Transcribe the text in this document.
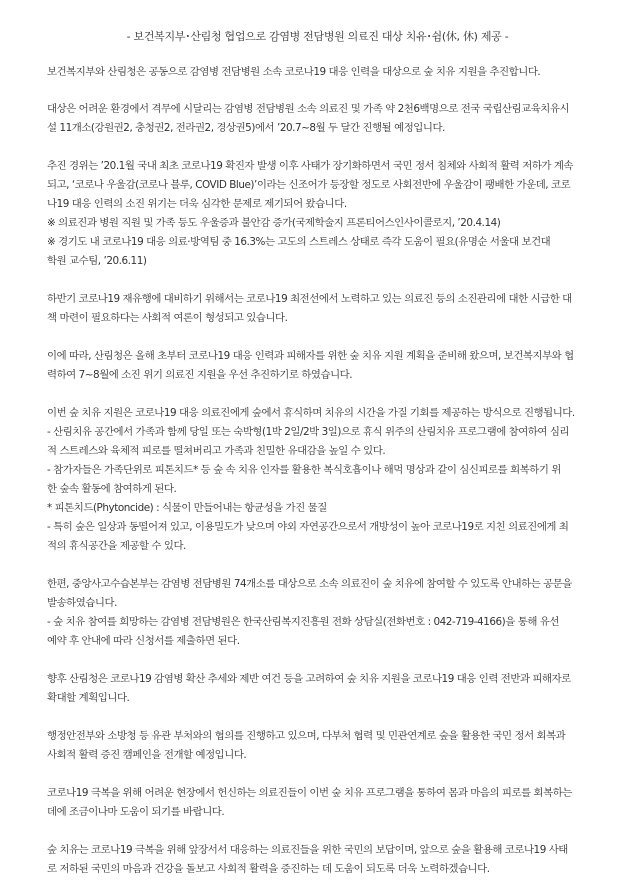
- 보건복지부･산림청 협업으로 감염병 전담병원 의료진 대상 치유･쉼(休, 休) 제공 -
보건복지부와 산림청은 공동으로 감염병 전담병원 소속 코로나19 대응 인력을 대상으로 숲 치유 지원을 추진합니다.
대상은 어려운 환경에서 격무에 시달리는 감염병 전담병원 소속 의료진 및 가족 약 2천6백명으로 전국 국립산림교육치유시
설 11개소(강원권2, 충청권2, 전라권2, 경상권5)에서 ’20.7~8월 두 달간 진행될 예정입니다.
추진 경위는 ’20.1월 국내 최초 코로나19 확진자 발생 이후 사태가 장기화하면서 국민 정서 침체와 사회적 활력 저하가 계속
되고, ‘코로나 우울감(코로나 블루, COVID Blue)’이라는 신조어가 등장할 정도로 사회전반에 우울감이 팽배한 가운데, 코로
나19 대응 인력의 소진 위기는 더욱 심각한 문제로 제기되어 왔습니다.
※ 의료진과 병원 직원 및 가족 등도 우울증과 불안감 증가(국제학술지 프론티어스인사이콜로지, ’20.4.14)
※ 경기도 내 코로나19 대응 의료·방역팀 중 16.3%는 고도의 스트레스 상태로 즉각 도움이 필요(유명순 서울대 보건대
학원 교수팀, ’20.6.11)
하반기 코로나19 재유행에 대비하기 위해서는 코로나19 최전선에서 노력하고 있는 의료진 등의 소진관리에 대한 시급한 대
책 마련이 필요하다는 사회적 여론이 형성되고 있습니다.
이에 따라, 산림청은 올해 초부터 코로나19 대응 인력과 피해자를 위한 숲 치유 지원 계획을 준비해 왔으며, 보건복지부와 협
력하여 7~8월에 소진 위기 의료진 지원을 우선 추진하기로 하였습니다.
이번 숲 치유 지원은 코로나19 대응 의료진에게 숲에서 휴식하며 치유의 시간을 가질 기회를 제공하는 방식으로 진행됩니다.
- 산림치유 공간에서 가족과 함께 당일 또는 숙박형(1박 2일/2박 3일)으로 휴식 위주의 산림치유 프로그램에 참여하여 심리
적 스트레스와 육체적 피로를 떨쳐버리고 가족과 친밀한 유대감을 높일 수 있다.
- 참가자들은 가족단위로 피톤치드* 등 숲 속 치유 인자를 활용한 복식호흡이나 해먹 명상과 같이 심신피로를 회복하기 위
한 숲속 활동에 참여하게 된다.
* 피톤치드(Phytoncide) : 식물이 만들어내는 항균성을 가진 물질
- 특히 숲은 일상과 동떨어져 있고, 이용밀도가 낮으며 야외 자연공간으로서 개방성이 높아 코로나19로 지친 의료진에게 최
적의 휴식공간을 제공할 수 있다.
한편, 중앙사고수습본부는 감염병 전담병원 74개소를 대상으로 소속 의료진이 숲 치유에 참여할 수 있도록 안내하는 공문을
발송하였습니다.
- 숲 치유 참여를 희망하는 감염병 전담병원은 한국산림복지진흥원 전화 상담실(전화번호 : 042-719-4166)을 통해 유선
예약 후 안내에 따라 신청서를 제출하면 된다.
향후 산림청은 코로나19 감염병 확산 추세와 제반 여건 등을 고려하여 숲 치유 지원을 코로나19 대응 인력 전반과 피해자로
확대할 계획입니다.
행정안전부와 소방청 등 유관 부처와의 협의를 진행하고 있으며, 다부처 협력 및 민관연계로 숲을 활용한 국민 정서 회복과
사회적 활력 증진 캠페인을 전개할 예정입니다.
코로나19 극복을 위해 어려운 현장에서 헌신하는 의료진들이 이번 숲 치유 프로그램을 통하여 몸과 마음의 피로를 회복하는
데에 조금이나마 도움이 되기를 바랍니다.
숲 치유는 코로나19 극복을 위해 앞장서서 대응하는 의료진들을 위한 국민의 보답이며, 앞으로 숲을 활용해 코로나19 사태
로 저하된 국민의 마음과 건강을 돌보고 사회적 활력을 증진하는 데 도움이 되도록 더욱 노력하겠습니다.
